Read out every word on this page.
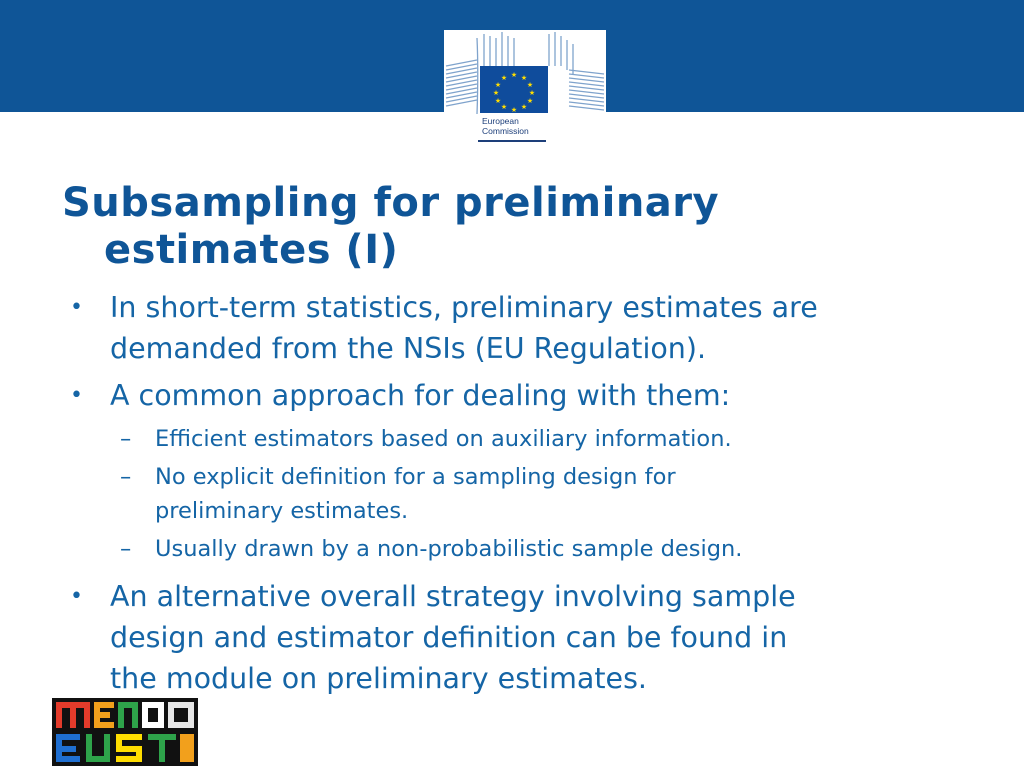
★ ★
★
★
★
★
★
★
★
★
★
★
European
Commission
Subsampling for preliminary
estimates (I)
• In short-term statistics, preliminary estimates are
demanded from the NSIs (EU Regulation).
• A common approach for dealing with them:
–	Efficient estimators based on auxiliary information.
–	No explicit definition for a sampling design for
preliminary estimates.
–	Usually drawn by a non-probabilistic sample design.
• An alternative overall strategy involving sample
design and estimator definition can be found in
the module on preliminary estimates.
